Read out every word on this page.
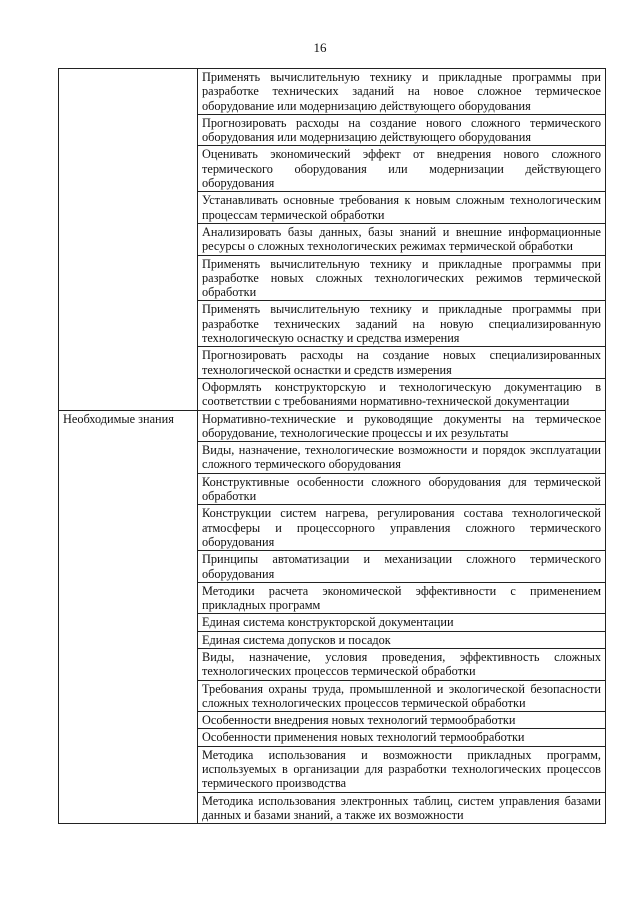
16
	Применять вычислительную технику и прикладные программы при разработке технических заданий на новое сложное термическое оборудование или модернизацию действующего оборудования
	Прогнозировать расходы на создание нового сложного термического оборудования или модернизацию действующего оборудования
	Оценивать экономический эффект от внедрения нового сложного термического оборудования или модернизации действующего оборудования
	Устанавливать основные требования к новым сложным технологическим процессам термической обработки
	Анализировать базы данных, базы знаний и внешние информационные ресурсы о сложных технологических режимах термической обработки
	Применять вычислительную технику и прикладные программы при разработке новых сложных технологических режимов термической обработки
	Применять вычислительную технику и прикладные программы при разработке технических заданий на новую специализированную технологическую оснастку и средства измерения
	Прогнозировать расходы на создание новых специализированных технологической оснастки и средств измерения
	Оформлять конструкторскую и технологическую документацию в соответствии с требованиями нормативно-технической документации
Необходимые знания	Нормативно-технические и руководящие документы на термическое оборудование, технологические процессы и их результаты
	Виды, назначение, технологические возможности и порядок эксплуатации сложного термического оборудования
	Конструктивные особенности сложного оборудования для термической обработки
	Конструкции систем нагрева, регулирования состава технологической атмосферы и процессорного управления сложного термического оборудования
	Принципы автоматизации и механизации сложного термического оборудования
	Методики расчета экономической эффективности с применением прикладных программ
	Единая система конструкторской документации
	Единая система допусков и посадок
	Виды, назначение, условия проведения, эффективность сложных технологических процессов термической обработки
	Требования охраны труда, промышленной и экологической безопасности сложных технологических процессов термической обработки
	Особенности внедрения новых технологий термообработки
	Особенности применения новых технологий термообработки
	Методика использования и возможности прикладных программ, используемых в организации для разработки технологических процессов термического производства
	Методика использования электронных таблиц, систем управления базами данных и базами знаний, а также их возможности
